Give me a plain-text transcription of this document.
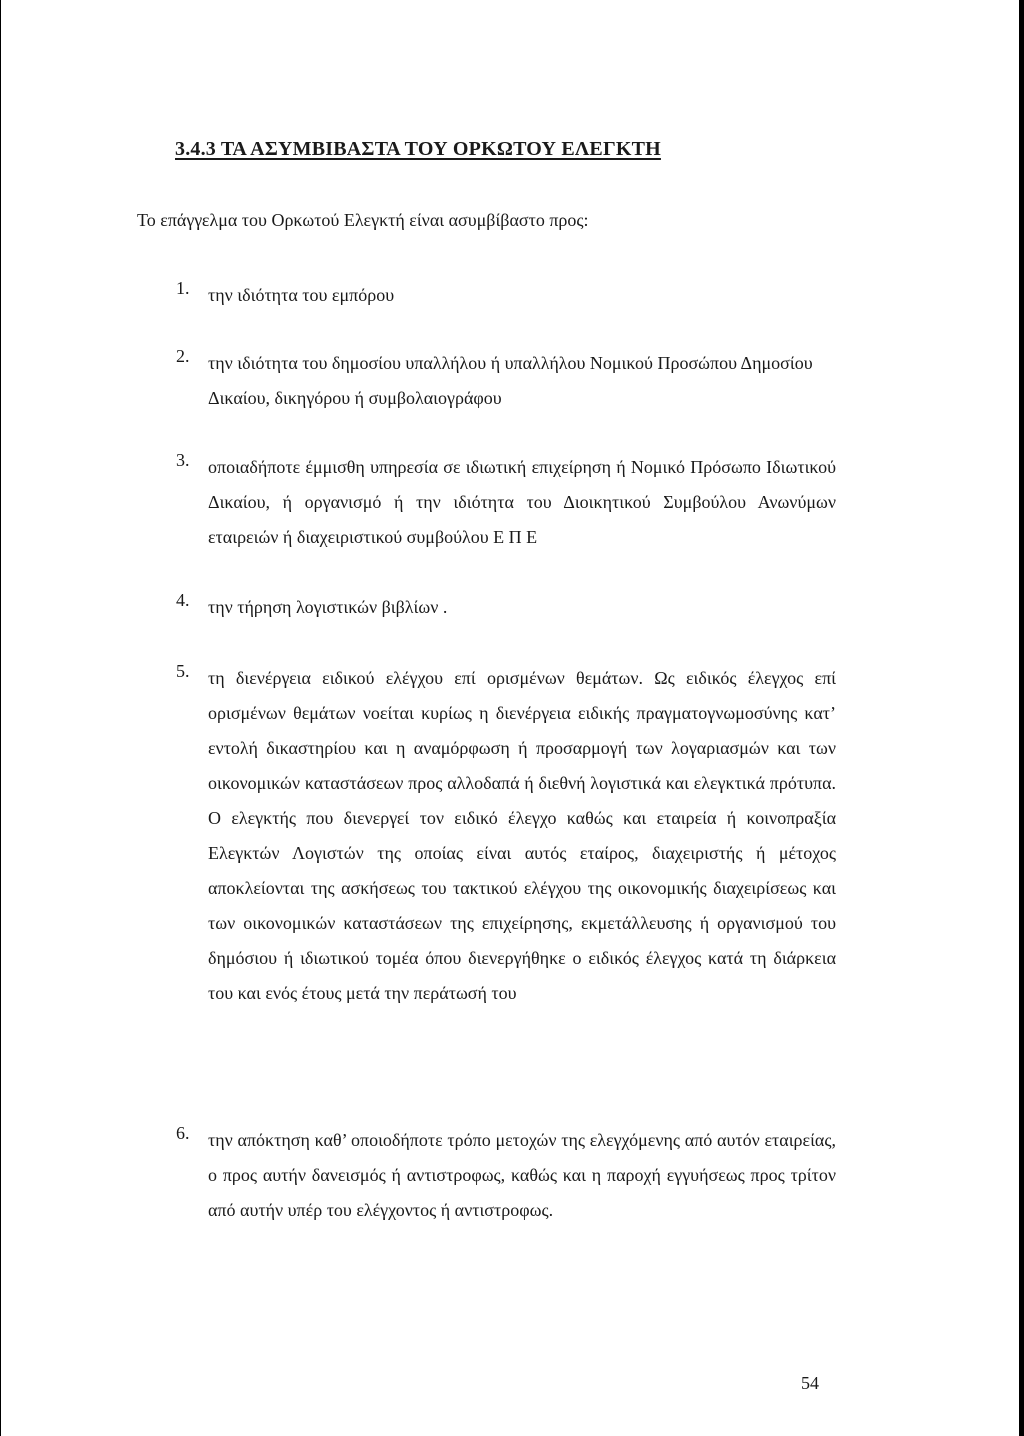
3.4.3 ΤΑ ΑΣΥΜΒΙΒΑΣΤΑ ΤΟΥ ΟΡΚΩΤΟΥ ΕΛΕΓΚΤΗ

Το επάγγελμα του Ορκωτού Ελεγκτή είναι ασυμβίβαστο προς:

1.	την ιδιότητα του εμπόρου

2.	την ιδιότητα του δημοσίου υπαλλήλου ή υπαλλήλου Νομικού Προσώπου Δημοσίου Δικαίου, δικηγόρου ή συμβολαιογράφου

3.	οποιαδήποτε έμμισθη υπηρεσία σε ιδιωτική επιχείρηση ή Νομικό Πρόσωπο Ιδιωτικού Δικαίου, ή οργανισμό ή την ιδιότητα του Διοικητικού Συμβούλου Ανωνύμων εταιρειών ή διαχειριστικού συμβούλου Ε Π Ε

4.	την τήρηση λογιστικών βιβλίων .

5.	τη διενέργεια ειδικού ελέγχου επί ορισμένων θεμάτων. Ως ειδικός έλεγχος επί ορισμένων θεμάτων νοείται κυρίως η διενέργεια ειδικής πραγματογνωμοσύνης κατ’ εντολή δικαστηρίου και η αναμόρφωση ή προσαρμογή των λογαριασμών και των οικονομικών καταστάσεων προς αλλοδαπά ή διεθνή λογιστικά και ελεγκτικά πρότυπα. Ο ελεγκτής που διενεργεί τον ειδικό έλεγχο καθώς και εταιρεία ή κοινοπραξία Ελεγκτών Λογιστών της οποίας είναι αυτός εταίρος, διαχειριστής ή μέτοχος αποκλείονται της ασκήσεως του τακτικού ελέγχου της οικονομικής διαχειρίσεως και των οικονομικών καταστάσεων της επιχείρησης, εκμετάλλευσης ή οργανισμού του δημόσιου ή ιδιωτικού τομέα όπου διενεργήθηκε ο ειδικός έλεγχος κατά τη διάρκεια του και ενός έτους μετά την περάτωσή του

6.	την απόκτηση καθ’ οποιοδήποτε τρόπο μετοχών της ελεγχόμενης από αυτόν εταιρείας, ο προς αυτήν δανεισμός ή αντιστροφως, καθώς και η παροχή εγγυήσεως προς τρίτον από αυτήν υπέρ του ελέγχοντος ή αντιστροφως.

54
